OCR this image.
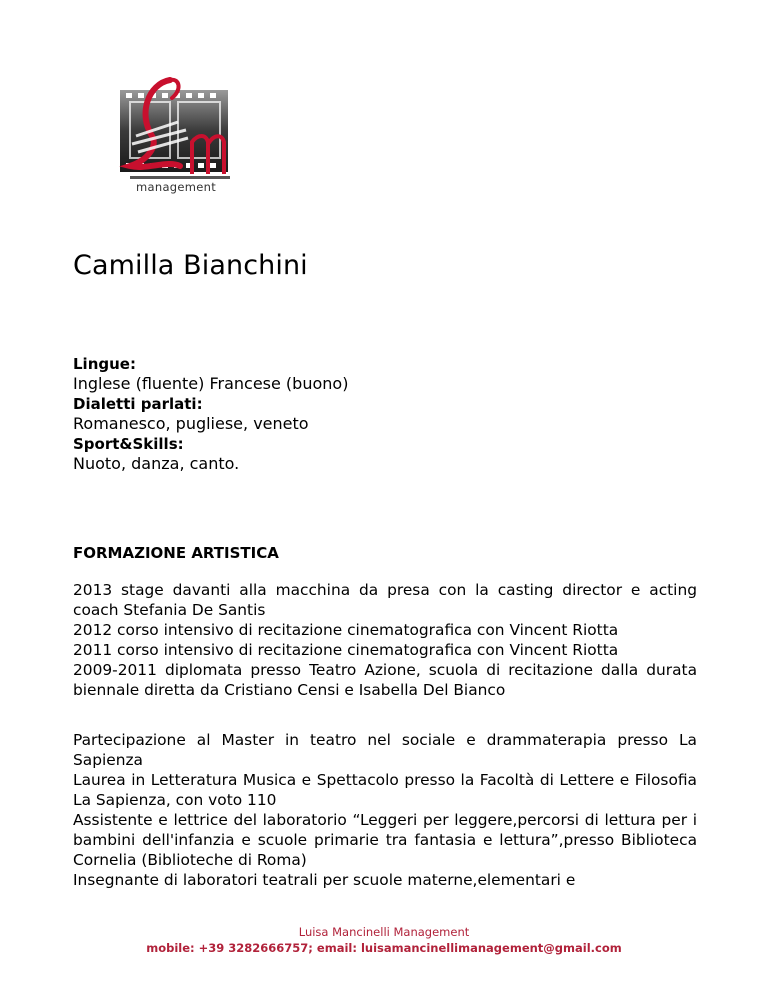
management
Camilla Bianchini
Lingue:
Inglese (fluente) Francese (buono)
Dialetti parlati:
Romanesco, pugliese, veneto
Sport&Skills:
Nuoto, danza, canto.
FORMAZIONE ARTISTICA

2013 stage davanti alla macchina da presa con la casting director e acting coach Stefania De Santis

2012 corso intensivo di recitazione cinematografica con Vincent Riotta

2011 corso intensivo di recitazione cinematografica con Vincent Riotta

2009-2011 diplomata presso Teatro Azione, scuola di recitazione dalla durata biennale diretta da Cristiano Censi e Isabella Del Bianco

Partecipazione al Master in teatro nel sociale e drammaterapia presso La Sapienza

Laurea in Letteratura Musica e Spettacolo presso la Facoltà di Lettere e Filosofia La Sapienza, con voto 110

Assistente e lettrice del laboratorio “Leggeri per leggere,percorsi di lettura per i bambini dell'infanzia e scuole primarie tra fantasia e lettura”,presso Biblioteca Cornelia (Biblioteche di Roma)

Insegnante di laboratori teatrali per scuole materne,elementari e

Luisa Mancinelli Management
mobile: +39 3282666757; email: luisamancinellimanagement@gmail.com
